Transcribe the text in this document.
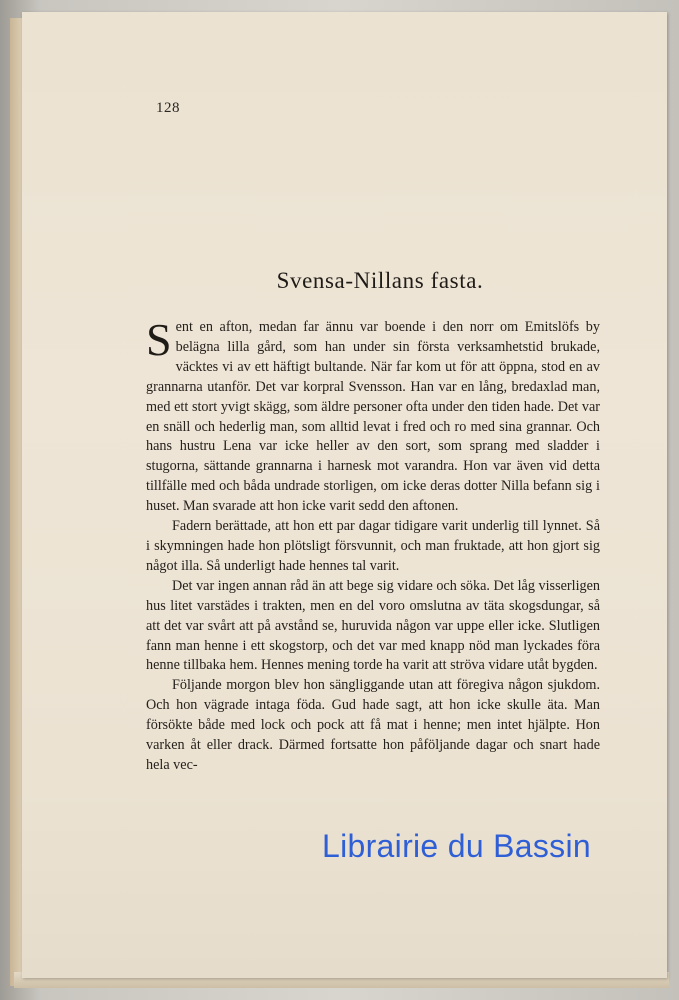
128
Svensa-Nillans fasta.

Sent en afton, medan far ännu var boende i den norr om Emitslöfs by belägna lilla gård, som han under sin första verksamhetstid brukade, väcktes vi av ett häftigt bultande. När far kom ut för att öppna, stod en av grannarna utanför. Det var korpral Svensson. Han var en lång, bredaxlad man, med ett stort yvigt skägg, som äldre personer ofta under den tiden hade. Det var en snäll och hederlig man, som alltid levat i fred och ro med sina grannar. Och hans hustru Lena var icke heller av den sort, som sprang med sladder i stugorna, sättande grannarna i harnesk mot varandra. Hon var även vid detta tillfälle med och båda undrade storligen, om icke deras dotter Nilla befann sig i huset. Man svarade att hon icke varit sedd den aftonen.

Fadern berättade, att hon ett par dagar tidigare varit underlig till lynnet. Så i skymningen hade hon plötsligt försvunnit, och man fruktade, att hon gjort sig något illa. Så underligt hade hennes tal varit.

Det var ingen annan råd än att bege sig vidare och söka. Det låg visserligen hus litet varstädes i trakten, men en del voro omslutna av täta skogsdungar, så att det var svårt att på avstånd se, huruvida någon var uppe eller icke. Slutligen fann man henne i ett skogstorp, och det var med knapp nöd man lyckades föra henne tillbaka hem. Hennes mening torde ha varit att ströva vidare utåt bygden.

Följande morgon blev hon sängliggande utan att föregiva någon sjukdom. Och hon vägrade intaga föda. Gud hade sagt, att hon icke skulle äta. Man försökte både med lock och pock att få mat i henne; men intet hjälpte. Hon varken åt eller drack. Därmed fortsatte hon påföljande dagar och snart hade hela vec-

Librairie du Bassin
